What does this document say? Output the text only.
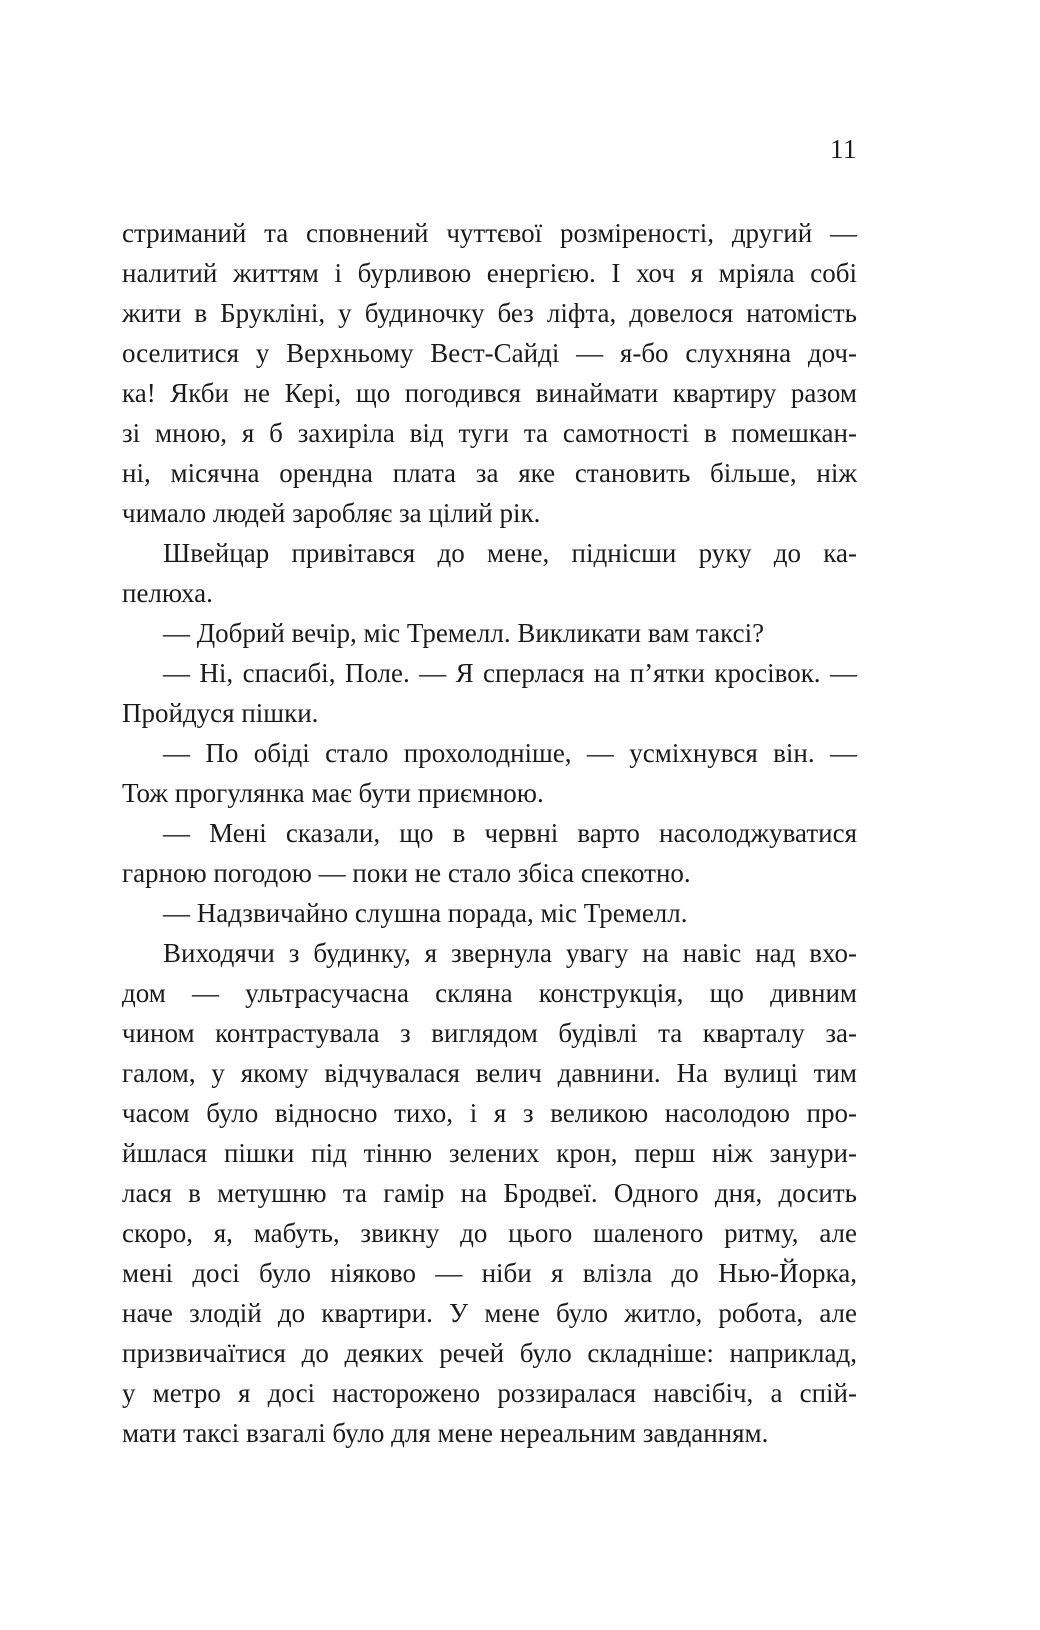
11
стриманий та сповнений чуттєвої розміреності, другий —
налитий життям і бурливою енергією. І хоч я мріяла собі
жити в Брукліні, у будиночку без ліфта, довелося натомість
оселитися у Верхньому Вест-Сайді — я-бо слухняна доч-
ка! Якби не Кері, що погодився винаймати квартиру разом
зі мною, я б захиріла від туги та самотності в помешкан-
ні, місячна орендна плата за яке становить більше, ніж
чимало людей заробляє за цілий рік.
Швейцар привітався до мене, піднісши руку до ка-
пелюха.
— Добрий вечір, міс Тремелл. Викликати вам таксі?
— Ні, спасибі, Поле. — Я сперлася на п’ятки кросівок. —
Пройдуся пішки.
— По обіді стало прохолодніше, — усміхнувся він. —
Тож прогулянка має бути приємною.
— Мені сказали, що в червні варто насолоджуватися
гарною погодою — поки не стало збіса спекотно.
— Надзвичайно слушна порада, міс Тремелл.
Виходячи з будинку, я звернула увагу на навіс над вхо-
дом — ультрасучасна скляна конструкція, що дивним
чином контрастувала з виглядом будівлі та кварталу за-
галом, у якому відчувалася велич давнини. На вулиці тим
часом було відносно тихо, і я з великою насолодою про-
йшлася пішки під тінню зелених крон, перш ніж занури-
лася в метушню та гамір на Бродвеї. Одного дня, досить
скоро, я, мабуть, звикну до цього шаленого ритму, але
мені досі було ніяково — ніби я влізла до Нью-Йорка,
наче злодій до квартири. У мене було житло, робота, але
призвичаїтися до деяких речей було складніше: наприклад,
у метро я досі насторожено роззиралася навсібіч, а спій-
мати таксі взагалі було для мене нереальним завданням.
